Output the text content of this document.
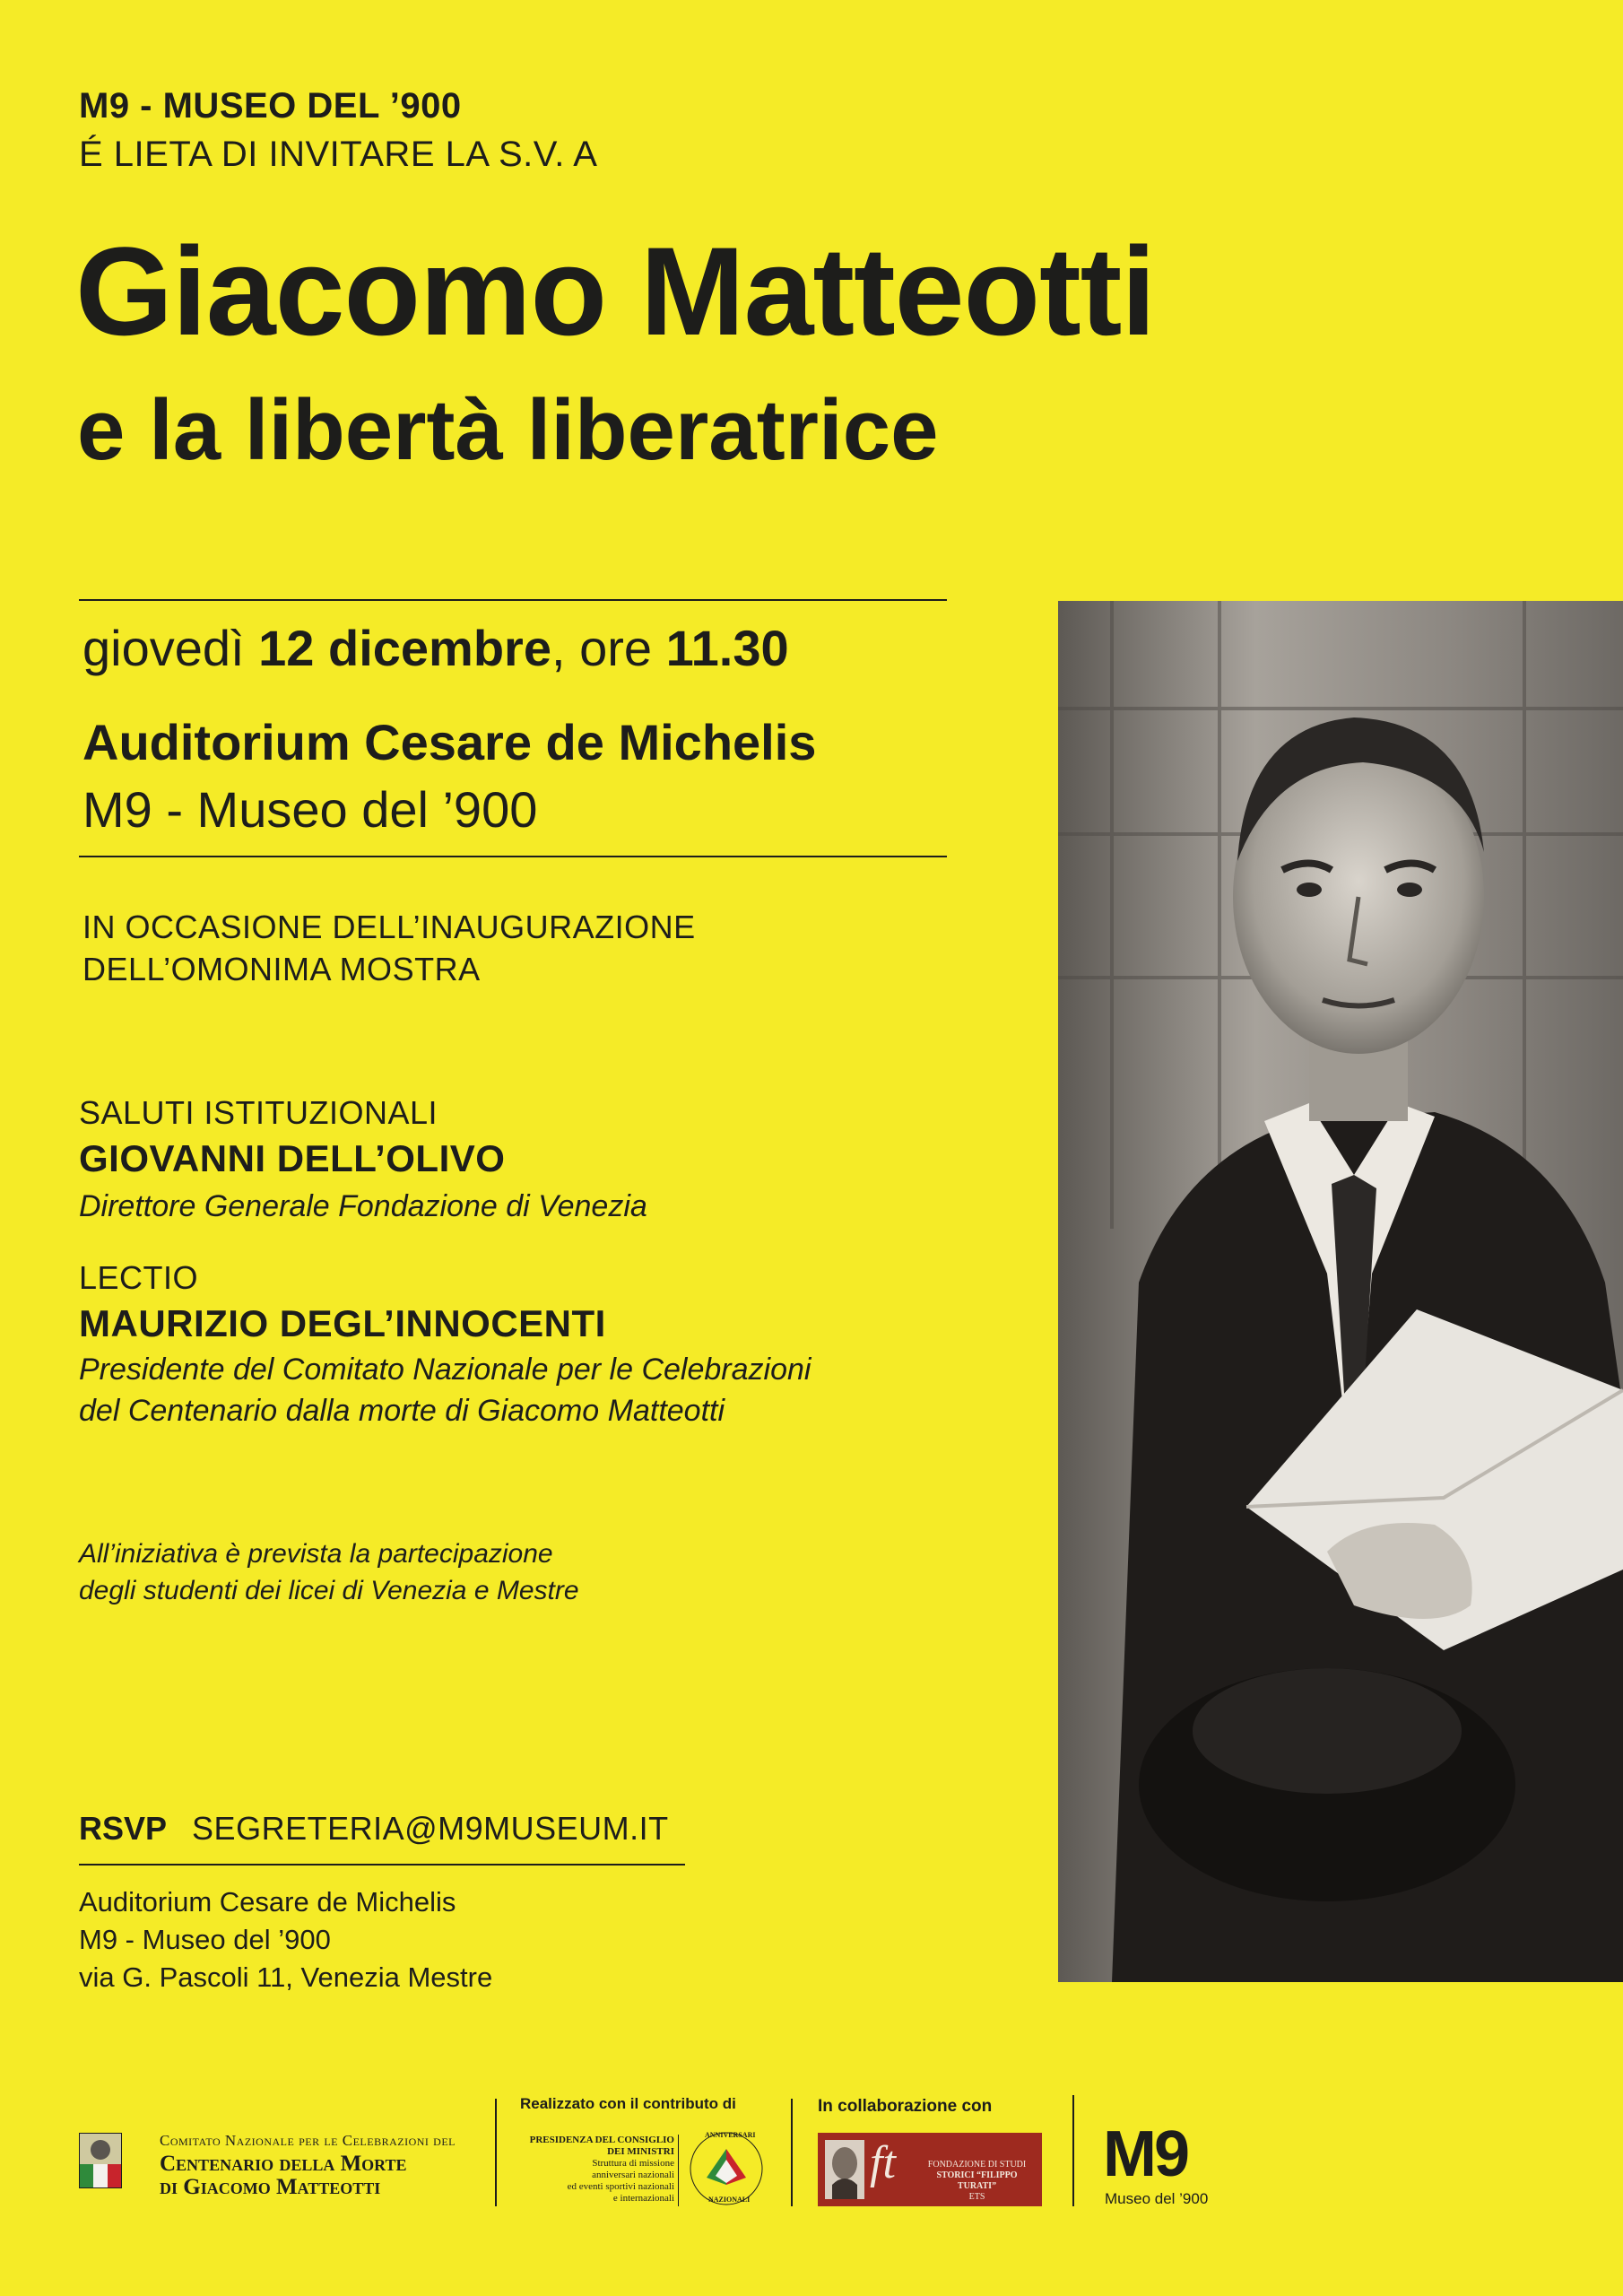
M9 - MUSEO DEL ’900
É LIETA DI INVITARE LA S.V. A
Giacomo Matteotti
e la libertà liberatrice
giovedì 12 dicembre, ore 11.30
Auditorium Cesare de Michelis
M9 - Museo del ’900
IN OCCASIONE DELL’INAUGURAZIONE
DELL’OMONIMA MOSTRA
SALUTI ISTITUZIONALI
GIOVANNI DELL’OLIVO
Direttore Generale Fondazione di Venezia
LECTIO
MAURIZIO DEGL’INNOCENTI
Presidente del Comitato Nazionale per le Celebrazioni
del Centenario dalla morte di Giacomo Matteotti
All’iniziativa è prevista la partecipazione
degli studenti dei licei di Venezia e Mestre
RSVP SEGRETERIA@M9MUSEUM.IT
Auditorium Cesare de Michelis
M9 - Museo del ’900
via G. Pascoli 11, Venezia Mestre
Comitato Nazionale per le Celebrazioni del
Centenario della Morte
di Giacomo Matteotti
Realizzato con il contributo di
PRESIDENZA DEL CONSIGLIO
DEI MINISTRI
Struttura di missione
anniversari nazionali
ed eventi sportivi nazionali
e internazionali
ANNIVERSARI
NAZIONALI
In collaborazione con
ft	FONDAZIONE DI STUDI
STORICI “FILIPPO TURATI”
ETS
M9
Museo del ’900
